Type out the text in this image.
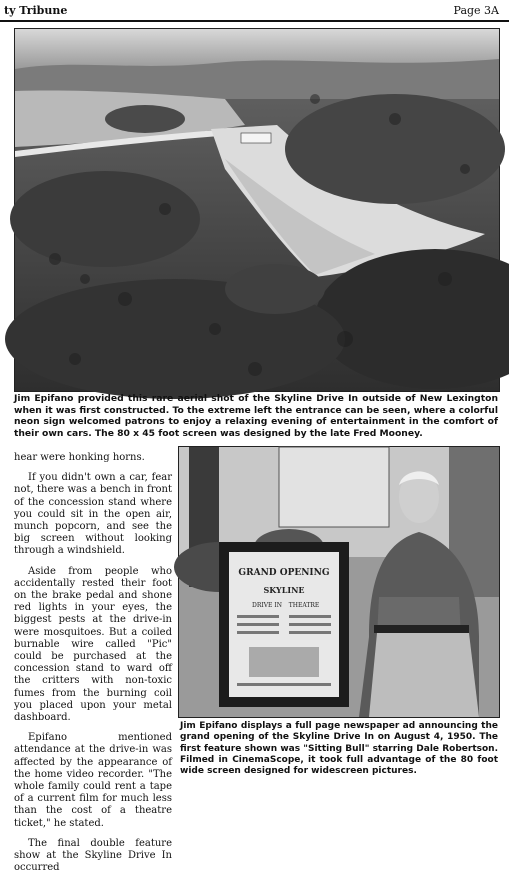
ty Tribune	Page 3A
Jim Epifano provided this rare aerial shot of the Skyline Drive In outside of New Lexington when it was first constructed. To the extreme left the entrance can be seen, where a colorful neon sign welcomed patrons to enjoy a relaxing evening of entertainment in the comfort of their own cars. The 80 x 45 foot screen was designed by the late Fred Mooney.

hear were honking horns.

If you didn't own a car, fear not, there was a bench in front of the concession stand where you could sit in the open air, munch popcorn, and see the big screen without looking through a windshield.

Aside from people who accidentally rested their foot on the brake pedal and shone red lights in your eyes, the biggest pests at the drive-in were mosquitoes. But a coiled burnable wire called "Pic" could be purchased at the concession stand to ward off the critters with non-toxic fumes from the burning coil you placed upon your metal dashboard.

Epifano mentioned attendance at the drive-in was affected by the appearance of the home video recorder. "The whole family could rent a tape of a current film for much less than the cost of a theatre ticket," he stated.

The final double feature show at the Skyline Drive In occurred

GRAND OPENING
SKYLINE
DRIVE IN THEATRE
Jim Epifano displays a full page newspaper ad announcing the grand opening of the Skyline Drive In on August 4, 1950. The first feature shown was "Sitting Bull" starring Dale Robertson. Filmed in CinemaScope, it took full advantage of the 80 foot wide screen designed for widescreen pictures.
